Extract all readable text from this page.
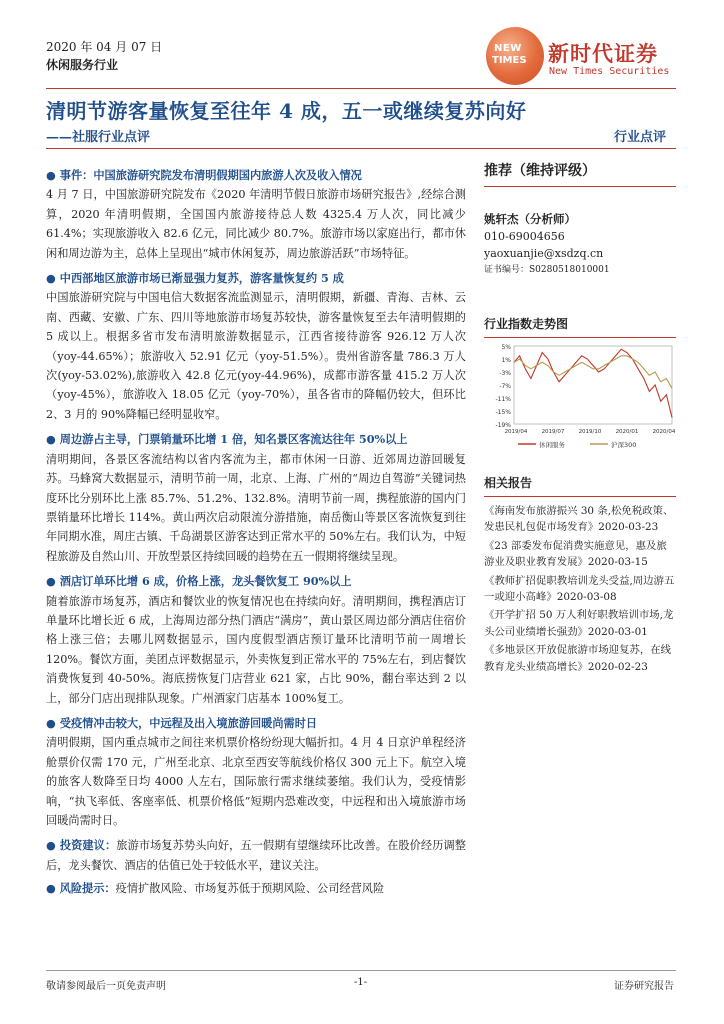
2020 年 04 月 07 日
休闲服务行业
NEW
TIMES 新时代证券
New Times Securities
清明节游客量恢复至往年 4 成，五一或继续复苏向好
——社服行业点评	行业点评
● 事件：中国旅游研究院发布清明假期国内旅游人次及收入情况
4 月 7 日，中国旅游研究院发布《2020 年清明节假日旅游市场研究报告》,经综合测算，2020 年清明假期，全国国内旅游接待总人数 4325.4 万人次，同比减少 61.4%；实现旅游收入 82.6 亿元，同比减少 80.7%。旅游市场以家庭出行，都市休闲和周边游为主，总体上呈现出“城市休闲复苏，周边旅游活跃”市场特征。
● 中西部地区旅游市场已渐显强力复苏，游客量恢复约 5 成
中国旅游研究院与中国电信大数据客流监测显示，清明假期，新疆、青海、吉林、云南、西藏、安徽、广东、四川等地旅游市场复苏较快，游客量恢复至去年清明假期的 5 成以上。根据多省市发布清明旅游数据显示，江西省接待游客 926.12 万人次（yoy-44.65%）；旅游收入 52.91 亿元（yoy-51.5%）。贵州省游客量 786.3 万人次(yoy-53.02%),旅游收入 42.8 亿元(yoy-44.96%)，成都市游客量 415.2 万人次（yoy-45%），旅游收入 18.05 亿元（yoy-70%），虽各省市的降幅仍较大，但环比 2、3 月的 90%降幅已经明显收窄。
● 周边游占主导，门票销量环比增 1 倍，知名景区客流达往年 50%以上
清明期间，各景区客流结构以省内客流为主，都市休闲一日游、近郊周边游回暖复苏。马蜂窝大数据显示，清明节前一周，北京、上海、广州的“周边自驾游”关键词热度环比分别环比上涨 85.7%、51.2%、132.8%。清明节前一周，携程旅游的国内门票销量环比增长 114%。黄山两次启动限流分游措施，南岳衡山等景区客流恢复到往年同期水准，周庄古镇、千岛湖景区游客达到正常水平的 50%左右。我们认为，中短程旅游及自然山川、开放型景区持续回暖的趋势在五一假期将继续呈现。
● 酒店订单环比增 6 成，价格上涨，龙头餐饮复工 90%以上
随着旅游市场复苏，酒店和餐饮业的恢复情况也在持续向好。清明期间，携程酒店订单量环比增长近 6 成，上海周边部分热门酒店“满房”，黄山景区周边部分酒店住宿价格上涨三倍；去哪儿网数据显示，国内度假型酒店预订量环比清明节前一周增长 120%。餐饮方面，美团点评数据显示，外卖恢复到正常水平的 75%左右，到店餐饮消费恢复到 40-50%。海底捞恢复门店营业 621 家，占比 90%，翻台率达到 2 以上，部分门店出现排队现象。广州酒家门店基本 100%复工。
● 受疫情冲击较大，中远程及出入境旅游回暖尚需时日
清明假期，国内重点城市之间往来机票价格纷纷现大幅折扣。4 月 4 日京沪单程经济舱票价仅需 170 元，广州至北京、北京至西安等航线价格仅 300 元上下。航空入境的旅客人数降至日均 4000 人左右，国际旅行需求继续萎缩。我们认为，受疫情影响，“执飞率低、客座率低、机票价格低”短期内恐难改变，中远程和出入境旅游市场回暖尚需时日。
● 投资建议：旅游市场复苏势头向好，五一假期有望继续环比改善。在股价经历调整后，龙头餐饮、酒店的估值已处于较低水平，建议关注。
● 风险提示：疫情扩散风险、市场复苏低于预期风险、公司经营风险
推荐（维持评级）
姚轩杰（分析师）
010-69004656
yaoxuanjie@xsdzq.cn
证书编号：S0280518010001
行业指数走势图
5%
1%
-3%
-7%
-11%
-15%
-19%
2019/04	2019/07	2019/10	2020/01	2020/04
休闲服务	沪深300
相关报告
《海南发布旅游振兴 30 条,松免税政策、发患民札包促市场发育》2020-03-23
《23 部委发布促消费实施意见，惠及旅游业及职业教育发展》2020-03-15
《教师扩招促职教培训龙头受益,周边游五一或迎小高峰》2020-03-08
《开学扩招 50 万人利好职教培训市场,龙头公司业绩增长强劲》2020-03-01
《多地景区开放促旅游市场迎复苏，在线教育龙头业绩高增长》2020-02-23
敬请参阅最后一页免责声明	-1-	证券研究报告
